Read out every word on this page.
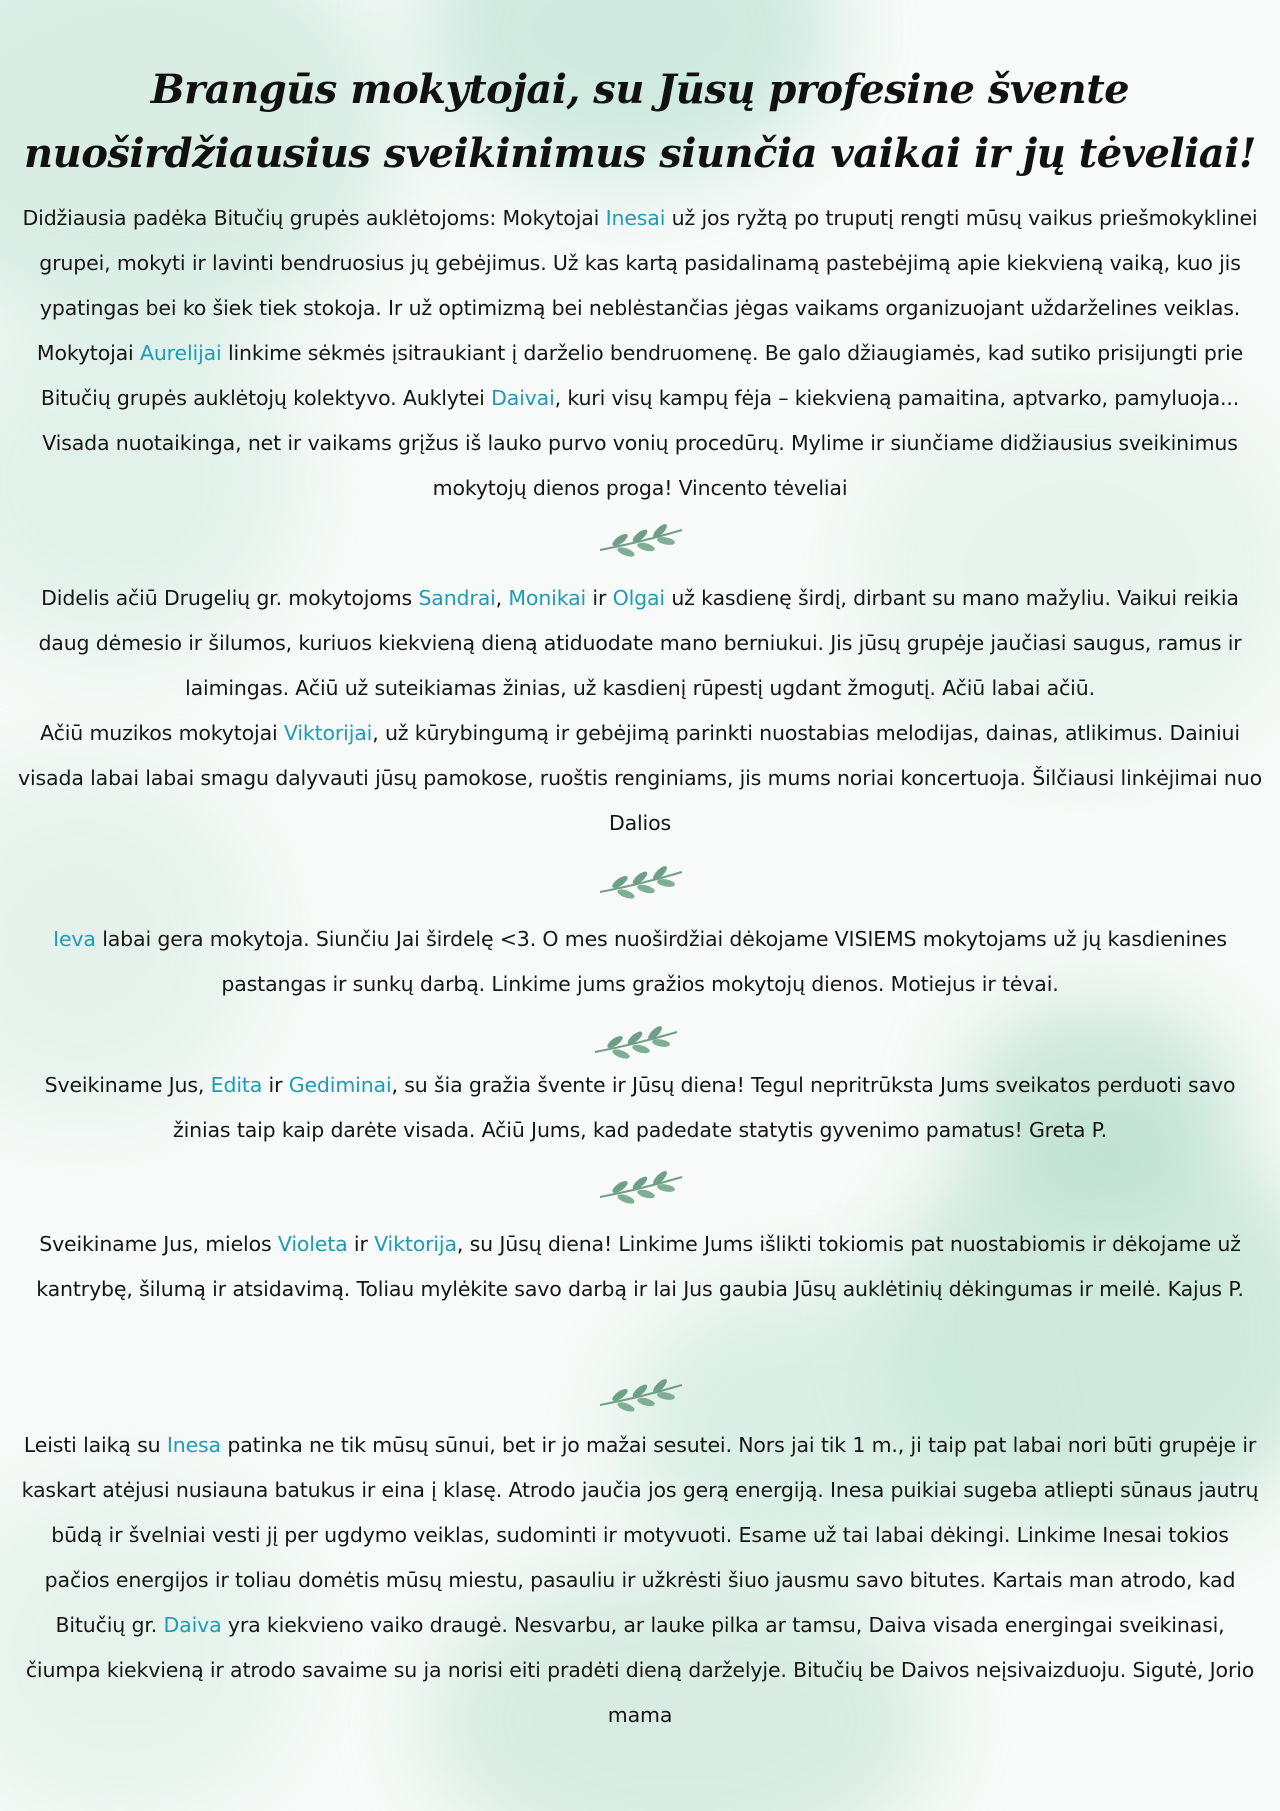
Brangūs mokytojai, su Jūsų profesine švente
nuoširdžiausius sveikinimus siunčia vaikai ir jų tėveliai!

Didžiausia padėka Bitučių grupės auklėtojoms: Mokytojai Inesai už jos ryžtą po truputį rengti mūsų vaikus priešmokyklinei grupei, mokyti ir lavinti bendruosius jų gebėjimus. Už kas kartą pasidalinamą pastebėjimą apie kiekvieną vaiką, kuo jis ypatingas bei ko šiek tiek stokoja. Ir už optimizmą bei neblėstančias jėgas vaikams organizuojant uždarželines veiklas. Mokytojai Aurelijai linkime sėkmės įsitraukiant į darželio bendruomenę. Be galo džiaugiamės, kad sutiko prisijungti prie Bitučių grupės auklėtojų kolektyvo. Auklytei Daivai, kuri visų kampų fėja – kiekvieną pamaitina, aptvarko, pamyluoja... Visada nuotaikinga, net ir vaikams grįžus iš lauko purvo vonių procedūrų. Mylime ir siunčiame didžiausius sveikinimus mokytojų dienos proga! Vincento tėveliai

Didelis ačiū Drugelių gr. mokytojoms Sandrai, Monikai ir Olgai už kasdienę širdį, dirbant su mano mažyliu. Vaikui reikia daug dėmesio ir šilumos, kuriuos kiekvieną dieną atiduodate mano berniukui. Jis jūsų grupėje jaučiasi saugus, ramus ir laimingas. Ačiū už suteikiamas žinias, už kasdienį rūpestį ugdant žmogutį. Ačiū labai ačiū.
Ačiū muzikos mokytojai Viktorijai, už kūrybingumą ir gebėjimą parinkti nuostabias melodijas, dainas, atlikimus. Dainiui visada labai labai smagu dalyvauti jūsų pamokose, ruoštis renginiams, jis mums noriai koncertuoja. Šilčiausi linkėjimai nuo Dalios

Ieva labai gera mokytoja. Siunčiu Jai širdelę <3. O mes nuoširdžiai dėkojame VISIEMS mokytojams už jų kasdienines pastangas ir sunkų darbą. Linkime jums gražios mokytojų dienos. Motiejus ir tėvai.

Sveikiname Jus, Edita ir Gediminai, su šia gražia švente ir Jūsų diena! Tegul nepritrūksta Jums sveikatos perduoti savo žinias taip kaip darėte visada. Ačiū Jums, kad padedate statytis gyvenimo pamatus! Greta P.

Sveikiname Jus, mielos Violeta ir Viktorija, su Jūsų diena! Linkime Jums išlikti tokiomis pat nuostabiomis ir dėkojame už kantrybę, šilumą ir atsidavimą. Toliau mylėkite savo darbą ir lai Jus gaubia Jūsų auklėtinių dėkingumas ir meilė. Kajus P.

Leisti laiką su Inesa patinka ne tik mūsų sūnui, bet ir jo mažai sesutei. Nors jai tik 1 m., ji taip pat labai nori būti grupėje ir kaskart atėjusi nusiauna batukus ir eina į klasę. Atrodo jaučia jos gerą energiją. Inesa puikiai sugeba atliepti sūnaus jautrų būdą ir švelniai vesti jį per ugdymo veiklas, sudominti ir motyvuoti. Esame už tai labai dėkingi. Linkime Inesai tokios pačios energijos ir toliau domėtis mūsų miestu, pasauliu ir užkrėsti šiuo jausmu savo bitutes. Kartais man atrodo, kad Bitučių gr. Daiva yra kiekvieno vaiko draugė. Nesvarbu, ar lauke pilka ar tamsu, Daiva visada energingai sveikinasi, čiumpa kiekvieną ir atrodo savaime su ja norisi eiti pradėti dieną darželyje. Bitučių be Daivos neįsivaizduoju. Sigutė, Jorio mama
